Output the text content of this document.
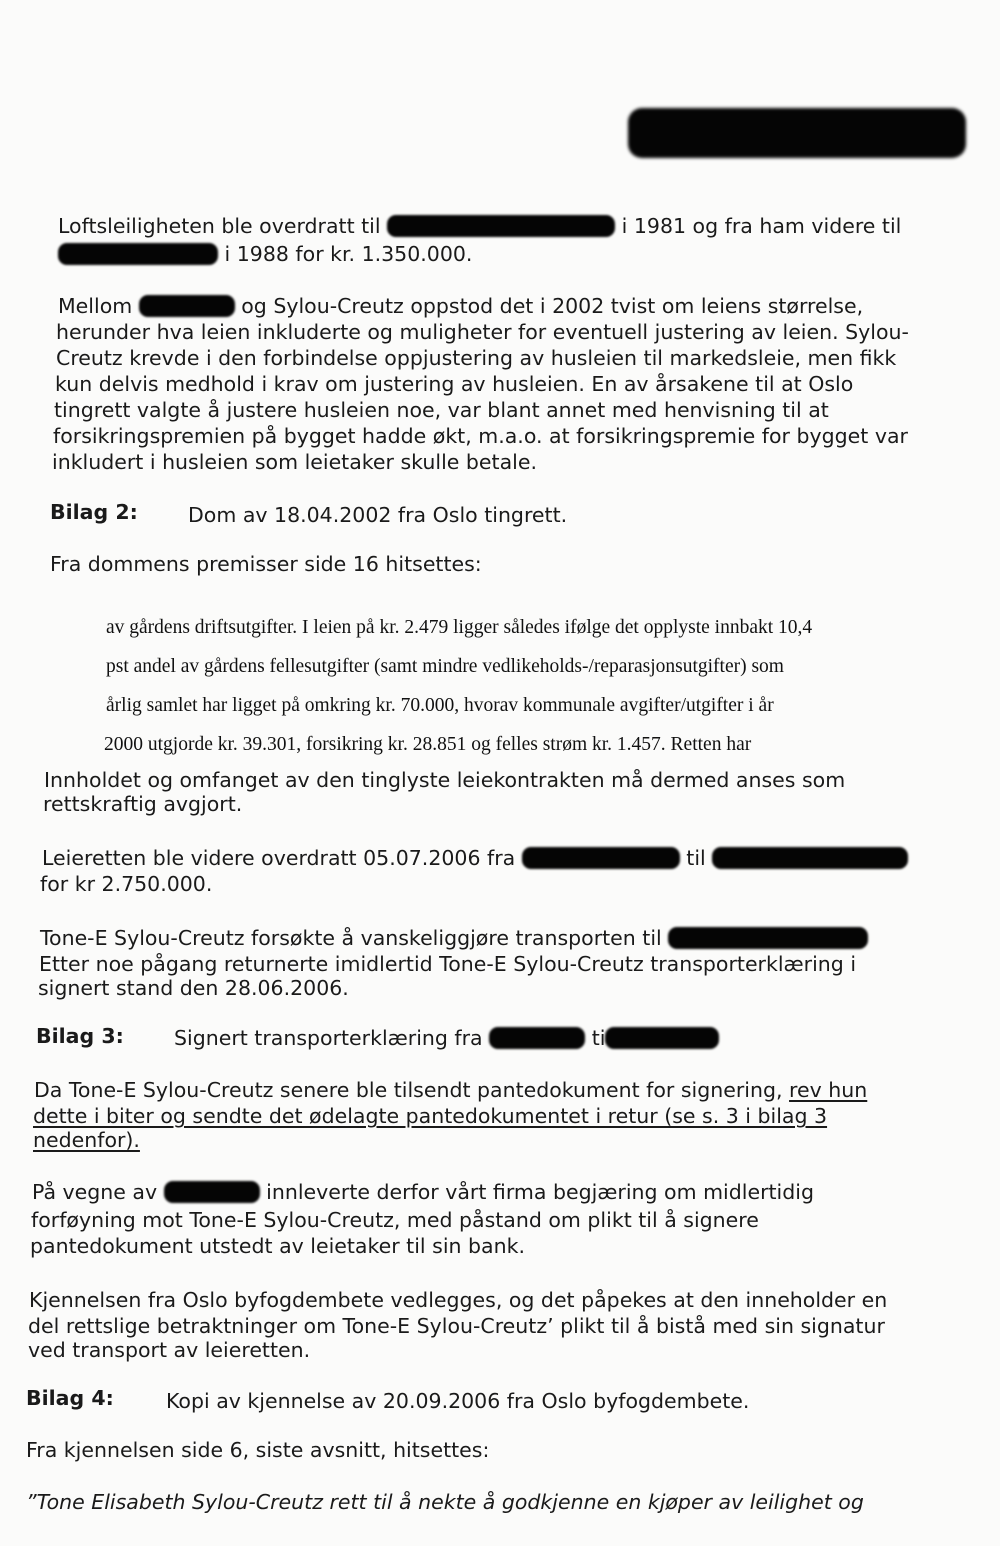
Loftsleiligheten ble overdratt til	i 1981 og fra ham videre til
i 1988 for kr. 1.350.000.
Mellom	og Sylou-Creutz oppstod det i 2002 tvist om leiens størrelse,
herunder hva leien inkluderte og muligheter for eventuell justering av leien. Sylou-
Creutz krevde i den forbindelse oppjustering av husleien til markedsleie, men fikk
kun delvis medhold i krav om justering av husleien. En av årsakene til at Oslo
tingrett valgte å justere husleien noe, var blant annet med henvisning til at
forsikringspremien på bygget hadde økt, m.a.o. at forsikringspremie for bygget var
inkludert i husleien som leietaker skulle betale.
Bilag 2: Dom av 18.04.2002 fra Oslo tingrett.
Fra dommens premisser side 16 hitsettes:
av gårdens driftsutgifter. I leien på kr. 2.479 ligger således ifølge det opplyste innbakt 10,4
pst andel av gårdens fellesutgifter (samt mindre vedlikeholds-/reparasjonsutgifter) som
årlig samlet har ligget på omkring kr. 70.000, hvorav kommunale avgifter/utgifter i år
2000 utgjorde kr. 39.301, forsikring kr. 28.851 og felles strøm kr. 1.457. Retten har
Innholdet og omfanget av den tinglyste leiekontrakten må dermed anses som
rettskraftig avgjort.
Leieretten ble videre overdratt 05.07.2006 fra	til
for kr 2.750.000.
Tone-E Sylou-Creutz forsøkte å vanskeliggjøre transporten til
Etter noe pågang returnerte imidlertid Tone-E Sylou-Creutz transporterklæring i
signert stand den 28.06.2006.
Bilag 3: Signert transporterklæring fra	ti
Da Tone-E Sylou-Creutz senere ble tilsendt pantedokument for signering, rev hun
dette i biter og sendte det ødelagte pantedokumentet i retur (se s. 3 i bilag 3
nedenfor).
På vegne av	innleverte derfor vårt firma begjæring om midlertidig
forføyning mot Tone-E Sylou-Creutz, med påstand om plikt til å signere
pantedokument utstedt av leietaker til sin bank.
Kjennelsen fra Oslo byfogdembete vedlegges, og det påpekes at den inneholder en
del rettslige betraktninger om Tone-E Sylou-Creutz’ plikt til å bistå med sin signatur
ved transport av leieretten.
Bilag 4:	Kopi av kjennelse av 20.09.2006 fra Oslo byfogdembete.
Fra kjennelsen side 6, siste avsnitt, hitsettes:
”Tone Elisabeth Sylou-Creutz rett til å nekte å godkjenne en kjøper av leilighet og
